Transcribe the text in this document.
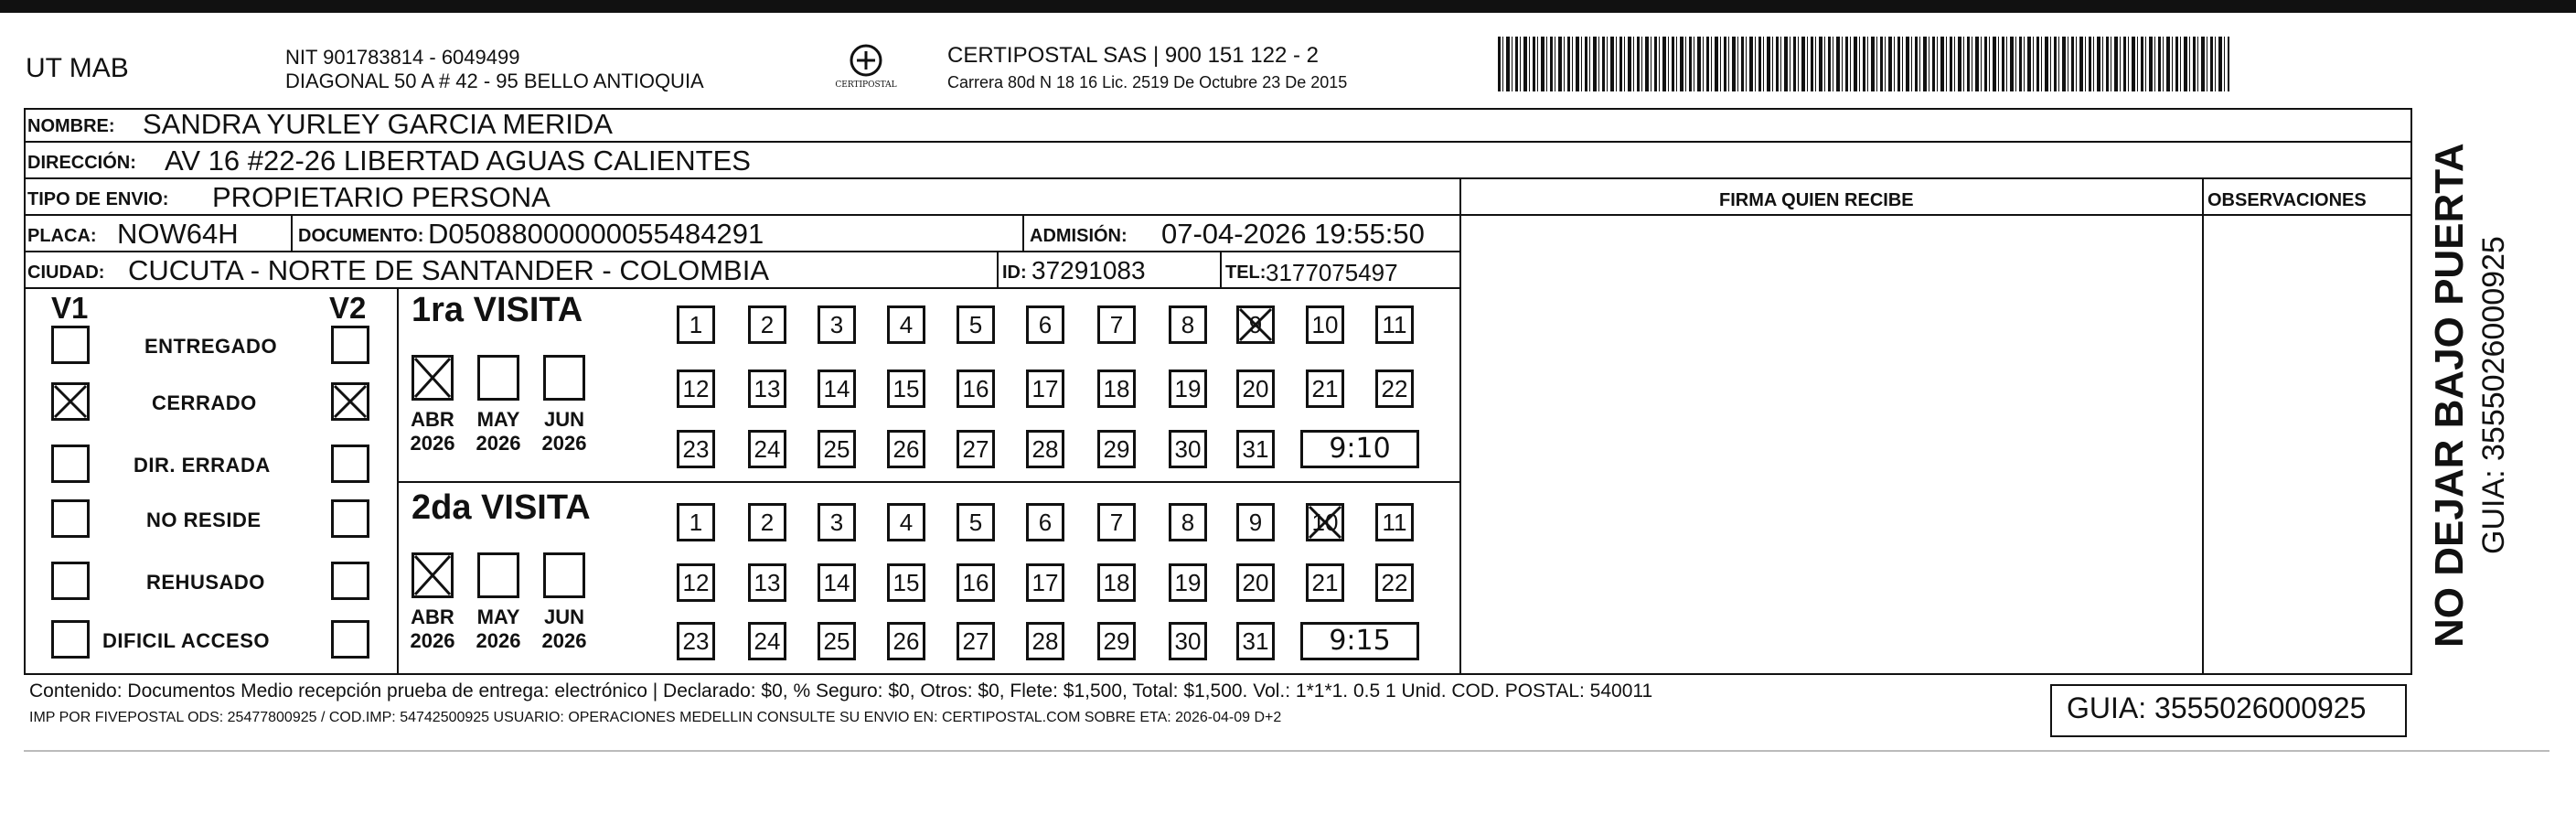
UT MAB	NIT 901783814 - 6049499
DIAGONAL 50 A # 42 - 95 BELLO ANTIOQUIA	CERTIPOSTAL
CERTIPOSTAL SAS | 900 151 122 - 2
Carrera 80d N 18 16 Lic. 2519 De Octubre 23 De 2015
NOMBRE: SANDRA YURLEY GARCIA MERIDA
DIRECCIÓN: AV 16 #22-26 LIBERTAD AGUAS CALIENTES
TIPO DE ENVIO: PROPIETARIO PERSONA	FIRMA QUIEN RECIBE	OBSERVACIONES
PLACA: NOW64H	DOCUMENTO: D05088000000055484291	ADMISIÓN: 07-04-2026 19:55:50
CIUDAD: CUCUTA - NORTE DE SANTANDER - COLOMBIA	ID: 37291083	TEL: 3177075497
V1	V2
ENTREGADO
CERRADO
DIR. ERRADA
NO RESIDE
REHUSADO
DIFICIL ACCESO
1ra VISITA
ABR
2026
MAY
2026
JUN
2026
1	2	3	4	5	6	7	8	9	10 11
12 13 14 15 16 17 18 19 20 21 22
23 24 25 26 27 28 29 30 31	9:10
2da VISITA
ABR
2026
MAY
2026
JUN
2026
1	2	3	4	5	6	7	8	9	10 11
12 13 14 15 16 17 18 19 20 21 22
23 24 25 26 27 28 29 30 31	9:15
Contenido: Documentos Medio recepción prueba de entrega: electrónico | Declarado: $0, % Seguro: $0, Otros: $0, Flete: $1,500, Total: $1,500. Vol.: 1*1*1. 0.5 1 Unid. COD. POSTAL: 540011
IMP POR FIVEPOSTAL ODS: 25477800925 / COD.IMP: 54742500925 USUARIO: OPERACIONES MEDELLIN CONSULTE SU ENVIO EN: CERTIPOSTAL.COM SOBRE ETA: 2026-04-09 D+2	GUIA: 3555026000925
NO DEJAR BAJO PUERTA GUIA: 3555026000925
